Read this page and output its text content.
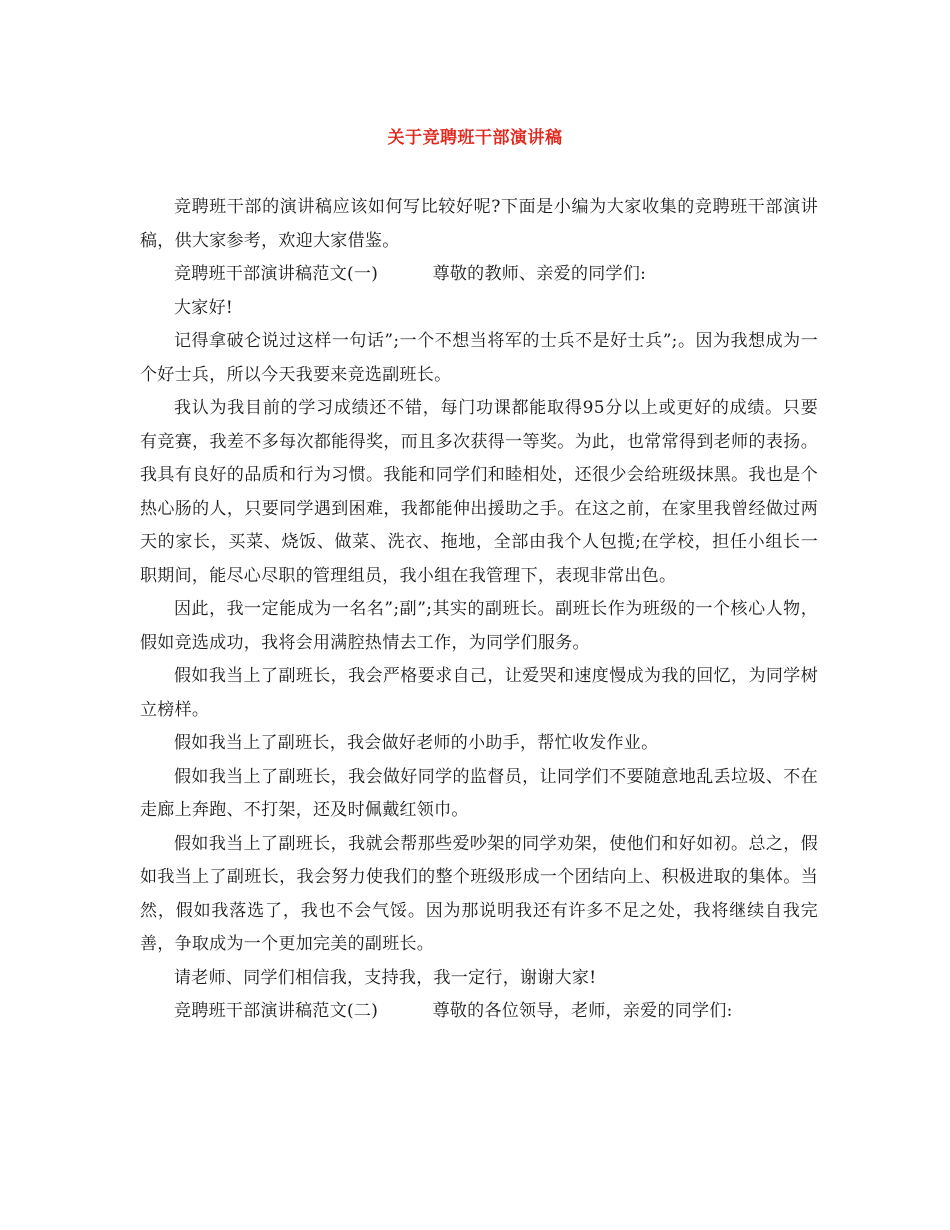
关于竞聘班干部演讲稿

竞聘班干部的演讲稿应该如何写比较好呢?下面是小编为大家收集的竞聘班干部演讲稿，供大家参考，欢迎大家借鉴。

竞聘班干部演讲稿范文(一)	尊敬的教师、亲爱的同学们:

大家好!

记得拿破仑说过这样一句话”;一个不想当将军的士兵不是好士兵”;。因为我想成为一个好士兵，所以今天我要来竞选副班长。

我认为我目前的学习成绩还不错，每门功课都能取得95分以上或更好的成绩。只要有竞赛，我差不多每次都能得奖，而且多次获得一等奖。为此，也常常得到老师的表扬。我具有良好的品质和行为习惯。我能和同学们和睦相处，还很少会给班级抹黑。我也是个热心肠的人，只要同学遇到困难，我都能伸出援助之手。在这之前，在家里我曾经做过两天的家长，买菜、烧饭、做菜、洗衣、拖地，全部由我个人包揽;在学校，担任小组长一职期间，能尽心尽职的管理组员，我小组在我管理下，表现非常出色。

因此，我一定能成为一名名”;副”;其实的副班长。副班长作为班级的一个核心人物，假如竞选成功，我将会用满腔热情去工作，为同学们服务。

假如我当上了副班长，我会严格要求自己，让爱哭和速度慢成为我的回忆，为同学树立榜样。

假如我当上了副班长，我会做好老师的小助手，帮忙收发作业。

假如我当上了副班长，我会做好同学的监督员，让同学们不要随意地乱丢垃圾、不在走廊上奔跑、不打架，还及时佩戴红领巾。

假如我当上了副班长，我就会帮那些爱吵架的同学劝架，使他们和好如初。总之，假如我当上了副班长，我会努力使我们的整个班级形成一个团结向上、积极进取的集体。当然，假如我落选了，我也不会气馁。因为那说明我还有许多不足之处，我将继续自我完善，争取成为一个更加完美的副班长。

请老师、同学们相信我，支持我，我一定行，谢谢大家!

竞聘班干部演讲稿范文(二)	尊敬的各位领导，老师，亲爱的同学们:
